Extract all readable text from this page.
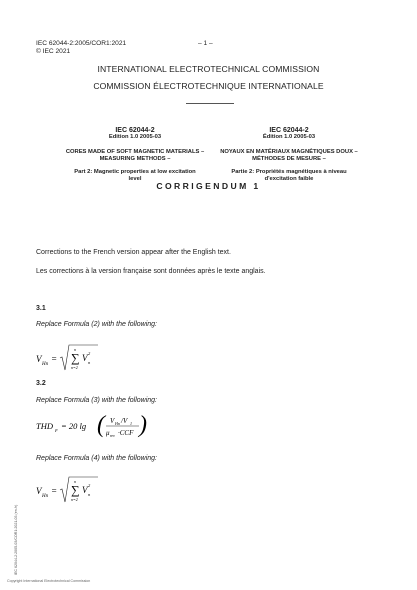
IEC 62044-2:2005/COR1:2021	– 1 –
© IEC 2021
INTERNATIONAL ELECTROTECHNICAL COMMISSION
COMMISSION ÉLECTROTECHNIQUE INTERNATIONALE
IEC 62044-2
Edition 1.0 2005-03
CORES MADE OF SOFT MAGNETIC MATERIALS –
MEASURING METHODS –
Part 2: Magnetic properties at low excitation
level
IEC 62044-2
Édition 1.0 2005-03
NOYAUX EN MATÉRIAUX MAGNÉTIQUES DOUX –
MÉTHODES DE MESURE –
Partie 2: Propriétés magnétiques à niveau
d'excitation faible
CORRIGENDUM 1
Corrections to the French version appear after the English text.
Les corrections à la version française sont données après le texte anglais.
3.1
Replace Formula (2) with the following:
V
Hn
= ∑
n
n=2
V n
2
3.2
Replace Formula (3) with the following:
THD F = 20 lg ( V Hn /V 1
μ rev ·CCF )
Replace Formula (4) with the following:
V
Hn
= ∑
n
n=2
V n
2
IEC 62044-2:2005-03/COR1:2021-03 (en-fr)
Copyright International Electrotechnical Commission
